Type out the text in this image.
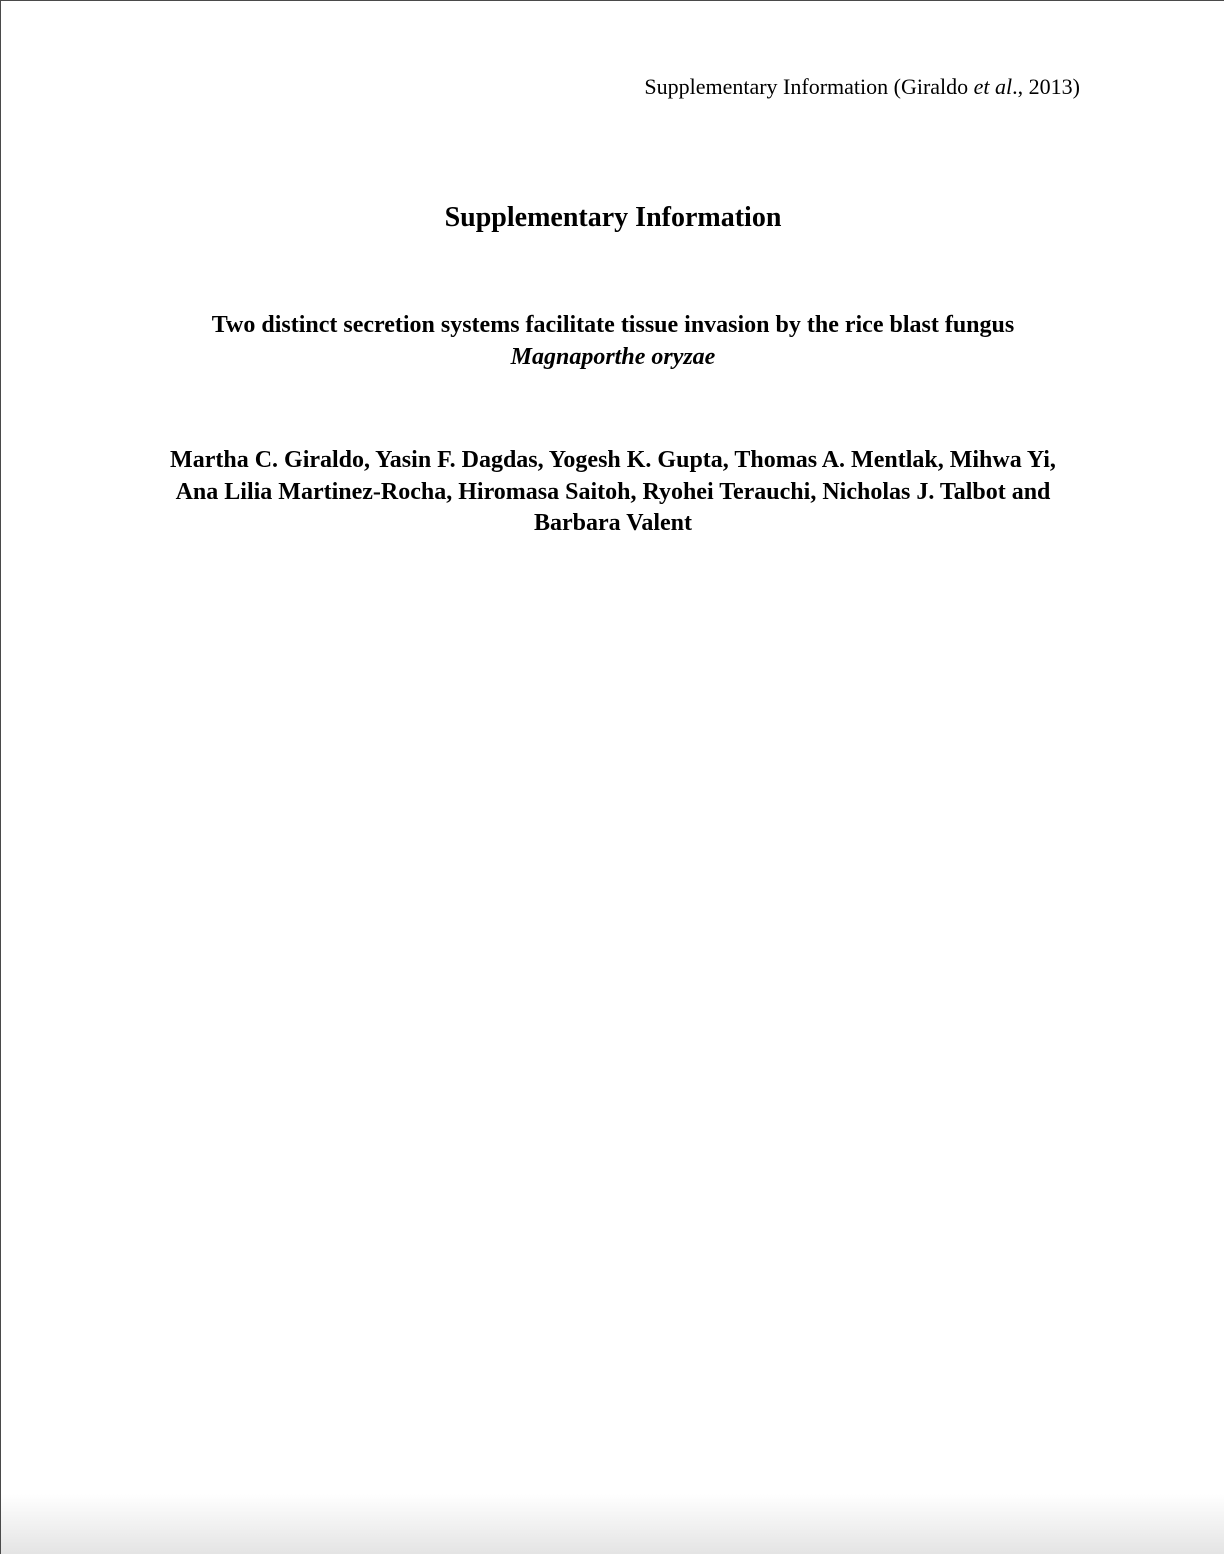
Supplementary Information (Giraldo et al., 2013)
Supplementary Information
Two distinct secretion systems facilitate tissue invasion by the rice blast fungus
Magnaporthe oryzae

Martha C. Giraldo, Yasin F. Dagdas, Yogesh K. Gupta, Thomas A. Mentlak, Mihwa Yi,
Ana Lilia Martinez-Rocha, Hiromasa Saitoh, Ryohei Terauchi, Nicholas J. Talbot and
Barbara Valent
